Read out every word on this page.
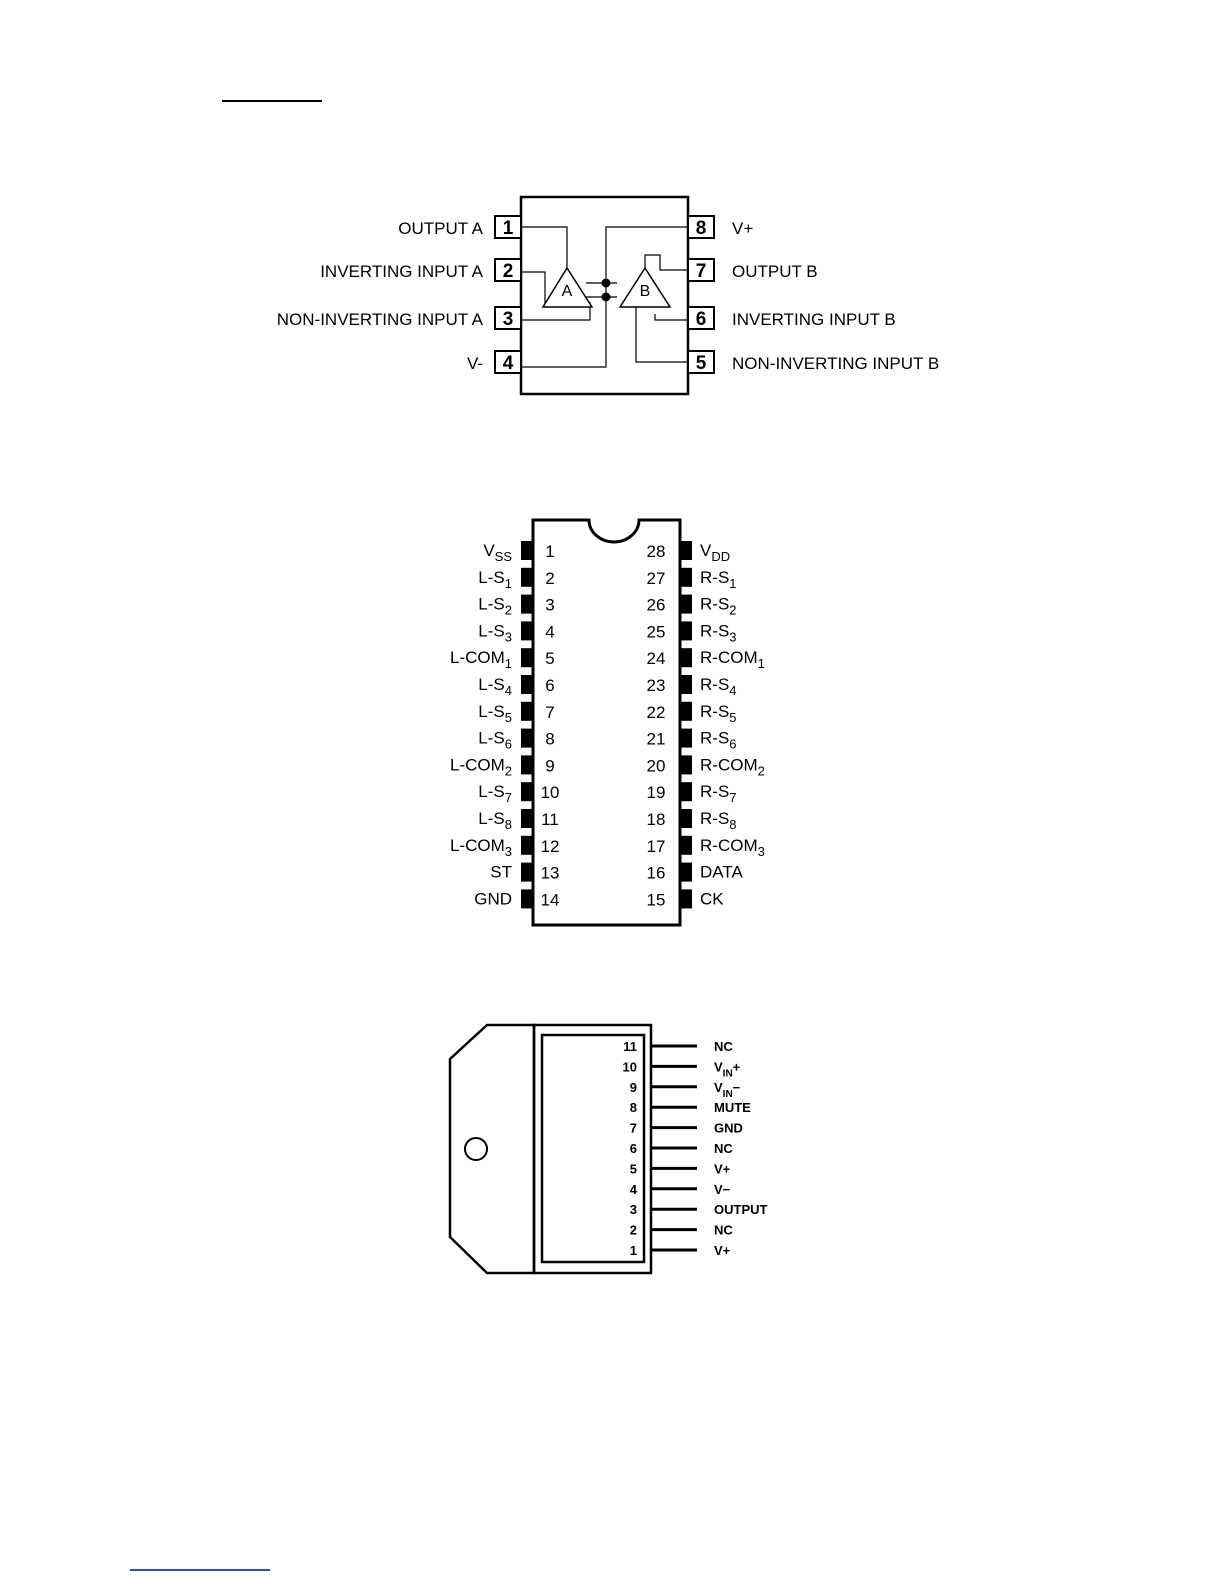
1
OUTPUT A
2
INVERTING INPUT A
3
NON-INVERTING INPUT A
4
V-
8 V+
7 OUTPUT B
6 INVERTING INPUT B
5 NON-INVERTING INPUT B
A	B
1
$V_{SS}$
2
$L-S_1$
3
$L-S_2$
4
$L-S_3$
5
$L-COM_1$
6
$L-S_4$
7
$L-S_5$
8
$L-S_6$
9
$L-COM_2$
10
$L-S_7$
11
$L-S_8$
12
$L-COM_3$
13
ST
14
GND
28 $V_{DD}$
27 $R-S_1$
26 $R-S_2$
25 $R-S_3$
24 $R-COM_1$
23 $R-S_4$
22 $R-S_5$
21 $R-S_6$
20 $R-COM_2$
19 $R-S_7$
18 $R-S_8$
17 $R-COM_3$
16 DATA
15 CK
11	NC
10	$V_{IN}+$
9	$V_{IN}-$
8	MUTE
7	GND
6	NC
5	V+
4	V−
3	OUTPUT
2	NC
1	V+
